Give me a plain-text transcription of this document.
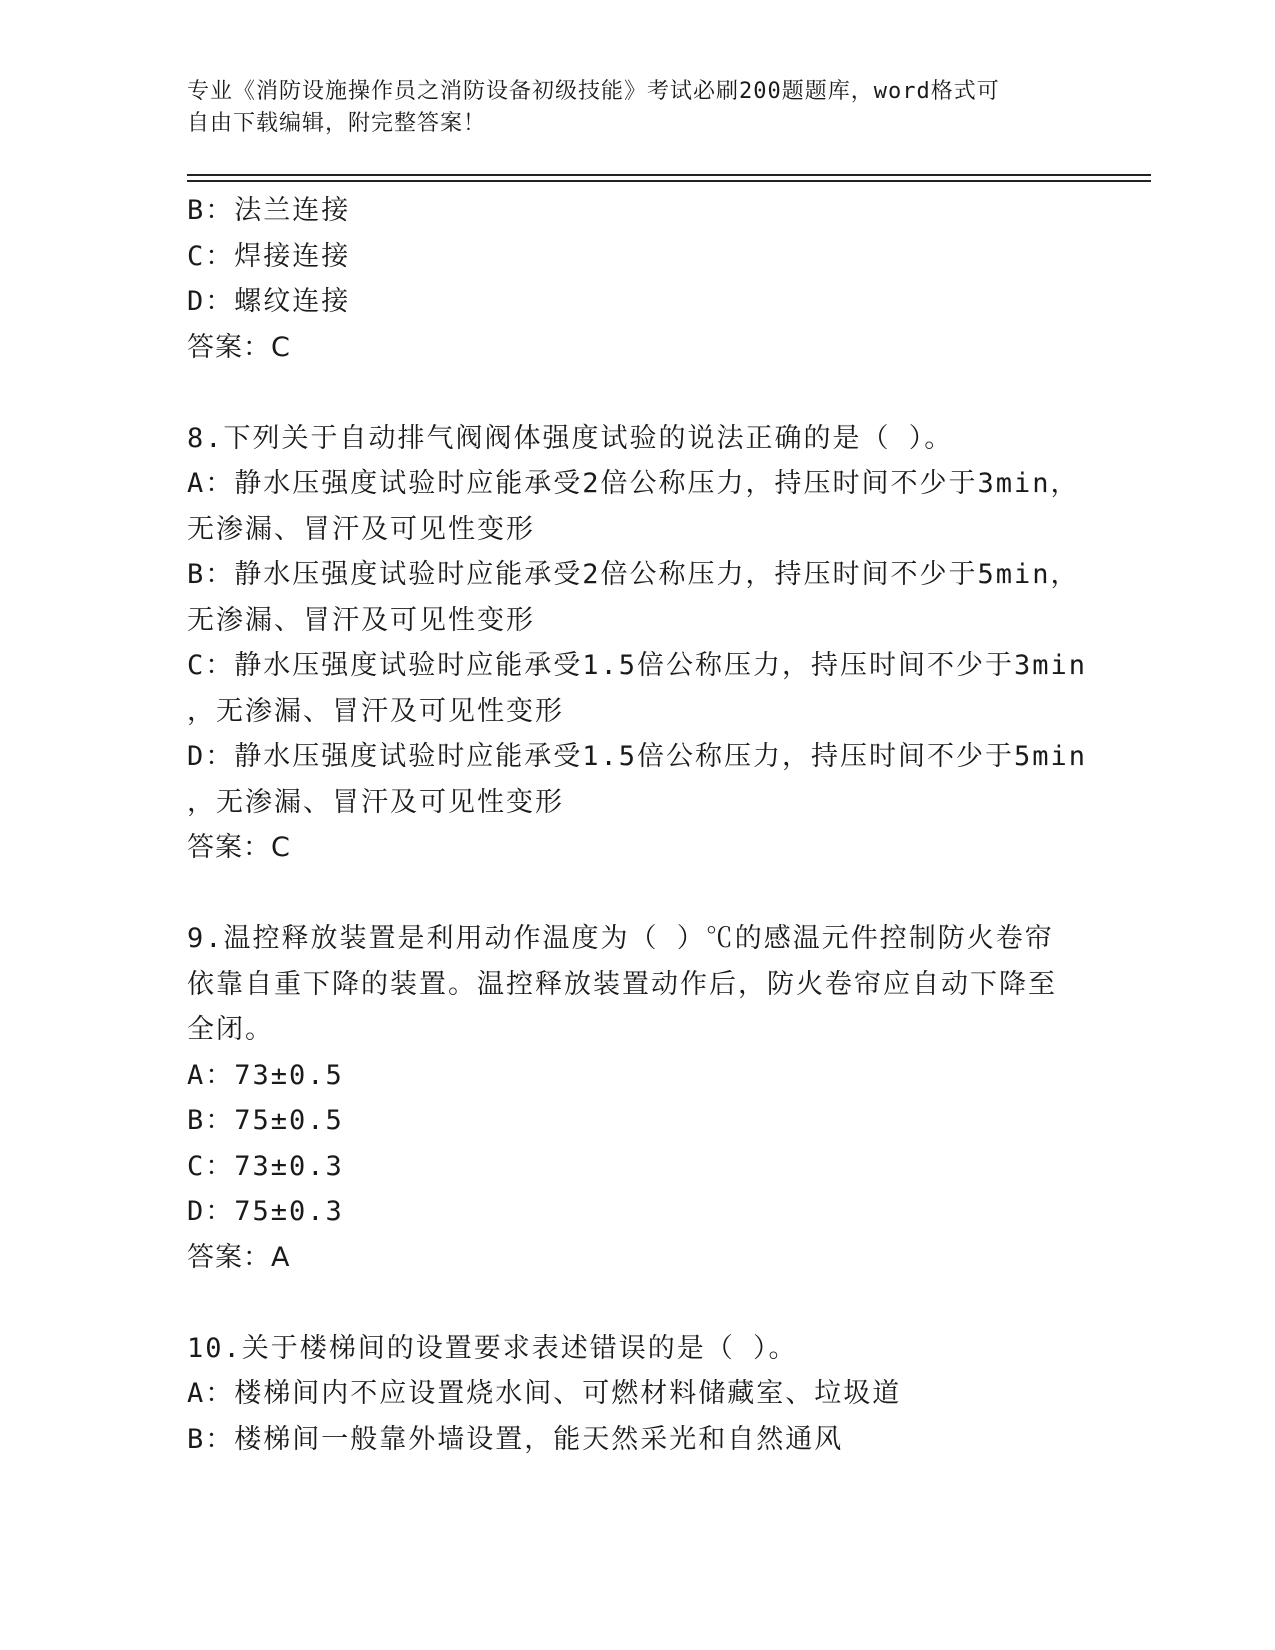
专业《消防设施操作员之消防设备初级技能》考试必刷200题题库，word格式可
自由下载编辑，附完整答案！
B：法兰连接
C：焊接连接
D：螺纹连接
答案：C
8.下列关于自动排气阀阀体强度试验的说法正确的是（ ）。
A：静水压强度试验时应能承受2倍公称压力，持压时间不少于3min，
无渗漏、冒汗及可见性变形
B：静水压强度试验时应能承受2倍公称压力，持压时间不少于5min，
无渗漏、冒汗及可见性变形
C：静水压强度试验时应能承受1.5倍公称压力，持压时间不少于3min
，无渗漏、冒汗及可见性变形
D：静水压强度试验时应能承受1.5倍公称压力，持压时间不少于5min
，无渗漏、冒汗及可见性变形
答案：C
9.温控释放装置是利用动作温度为（ ）℃的感温元件控制防火卷帘
依靠自重下降的装置。温控释放装置动作后，防火卷帘应自动下降至
全闭。
A：73±0.5
B：75±0.5
C：73±0.3
D：75±0.3
答案：A
10.关于楼梯间的设置要求表述错误的是（ ）。
A：楼梯间内不应设置烧水间、可燃材料储藏室、垃圾道
B：楼梯间一般靠外墙设置，能天然采光和自然通风
